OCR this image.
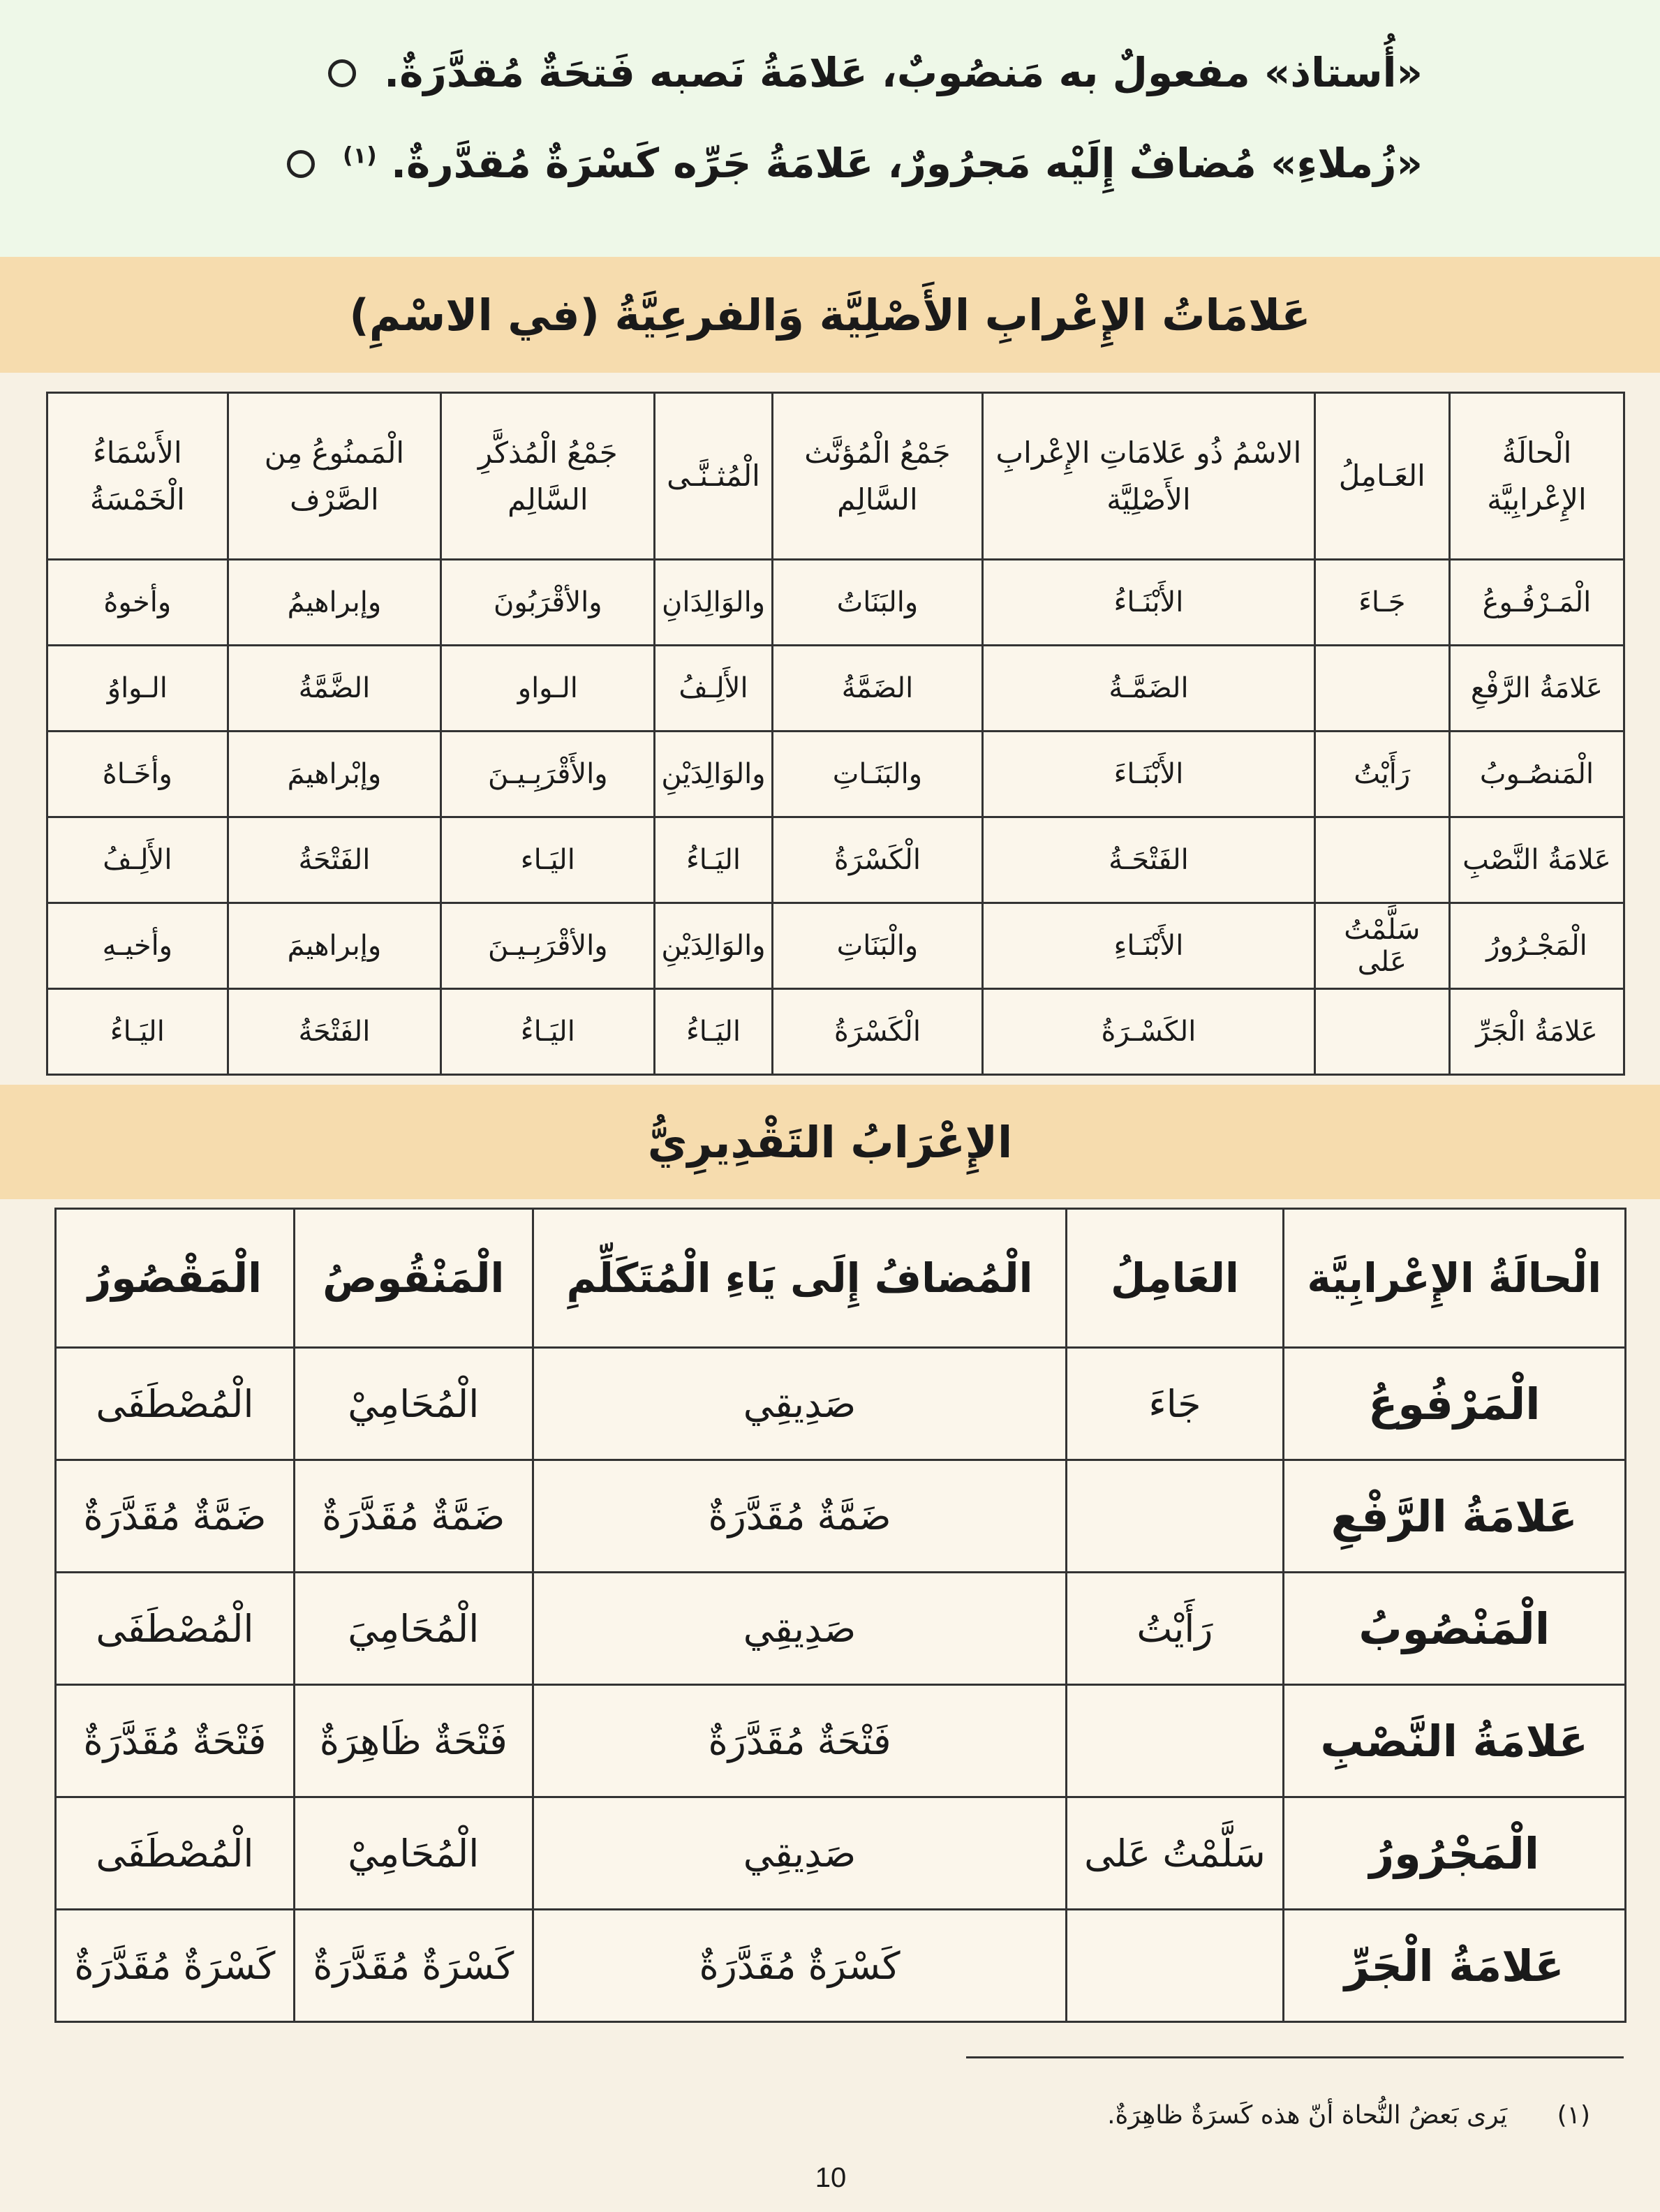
«أُستاذ» مفعولٌ به مَنصُوبٌ، عَلامَةُ نَصبه فَتحَةٌ مُقدَّرَةٌ.
«زُملاءِ» مُضافٌ إِلَيْه مَجرُورٌ، عَلامَةُ جَرِّه كَسْرَةٌ مُقدَّرةٌ. $^{(١)}$
عَلامَاتُ الإِعْرابِ الأَصْلِيَّة وَالفرعِيَّةُ (في الاسْمِ)
الْحالَةُ الإِعْرابِيَّة	العَـامِلُ	الاسْمُ ذُو عَلامَاتِ الإِعْرابِ الأَصْلِيَّة	جَمْعُ الْمُؤنَّث السَّالِم	الْمُثـنَّـى	جَمْعُ الْمُذكَّرِ السَّالِم	الْمَمنُوعُ مِن الصَّرْف	الأَسْمَاءُ الْخَمْسَةُ
الْمَـرْفُـوعُ	جَـاءَ	الأَبْنَـاءُ	والبَنَاتُ	والوَالِدَانِ	والأقْرَبُونَ	وإبراهيمُ	وأخوهُ
عَلامَةُ الرَّفْعِ		الضَمَّـةُ	الضَمَّةُ	الأَلِـفُ	الـواو	الضَّمَّةُ	الـواوُ
الْمَنصُـوبُ	رَأَيْتُ	الأَبْنَـاءَ	والبَنَـاتِ	والوَالِدَيْنِ	والأَقْرَبِـيـنَ	وإبْراهيمَ	وأخَـاهُ
عَلامَةُ النَّصْبِ		الفَتْحَـةُ	الْكَسْرَةُ	اليَـاءُ	اليَـاء	الفَتْحَةُ	الأَلِـفُ
الْمَجْـرُورُ	سَلَّمْتُ عَلى	الأَبْنَـاءِ	والْبَنَاتِ	والوَالِدَيْنِ	والأقْرَبِـيـنَ	وإبراهيمَ	وأخيـهِ
عَلامَةُ الْجَرِّ		الكَسْـرَةُ	الْكَسْرَةُ	اليَـاءُ	اليَـاءُ	الفَتْحَةُ	اليَـاءُ
الإِعْرَابُ التَقْدِيرِيُّ
الْحالَةُ الإِعْرابِيَّة	العَامِلُ	الْمُضافُ إِلَى يَاءِ الْمُتَكَلِّمِ	الْمَنْقُوصُ	الْمَقْصُورُ
الْمَرْفُوعُ	جَاءَ	صَدِيقِي	الْمُحَامِيْ	الْمُصْطَفَى
عَلامَةُ الرَّفْعِ		ضَمَّةٌ مُقَدَّرَةٌ	ضَمَّةٌ مُقَدَّرَةٌ	ضَمَّةٌ مُقَدَّرَةٌ
الْمَنْصُوبُ	رَأَيْتُ	صَدِيقِي	الْمُحَامِيَ	الْمُصْطَفَى
عَلامَةُ النَّصْبِ		فَتْحَةٌ مُقَدَّرَةٌ	فَتْحَةٌ ظَاهِرَةٌ	فَتْحَةٌ مُقَدَّرَةٌ
الْمَجْرُورُ	سَلَّمْتُ عَلى	صَدِيقِي	الْمُحَامِيْ	الْمُصْطَفَى
عَلامَةُ الْجَرِّ		كَسْرَةٌ مُقَدَّرَةٌ	كَسْرَةٌ مُقَدَّرَةٌ	كَسْرَةٌ مُقَدَّرَةٌ
(١) يَرى بَعضُ النُّحاة أنّ هذه كَسرَةٌ ظاهِرَةٌ.
10
